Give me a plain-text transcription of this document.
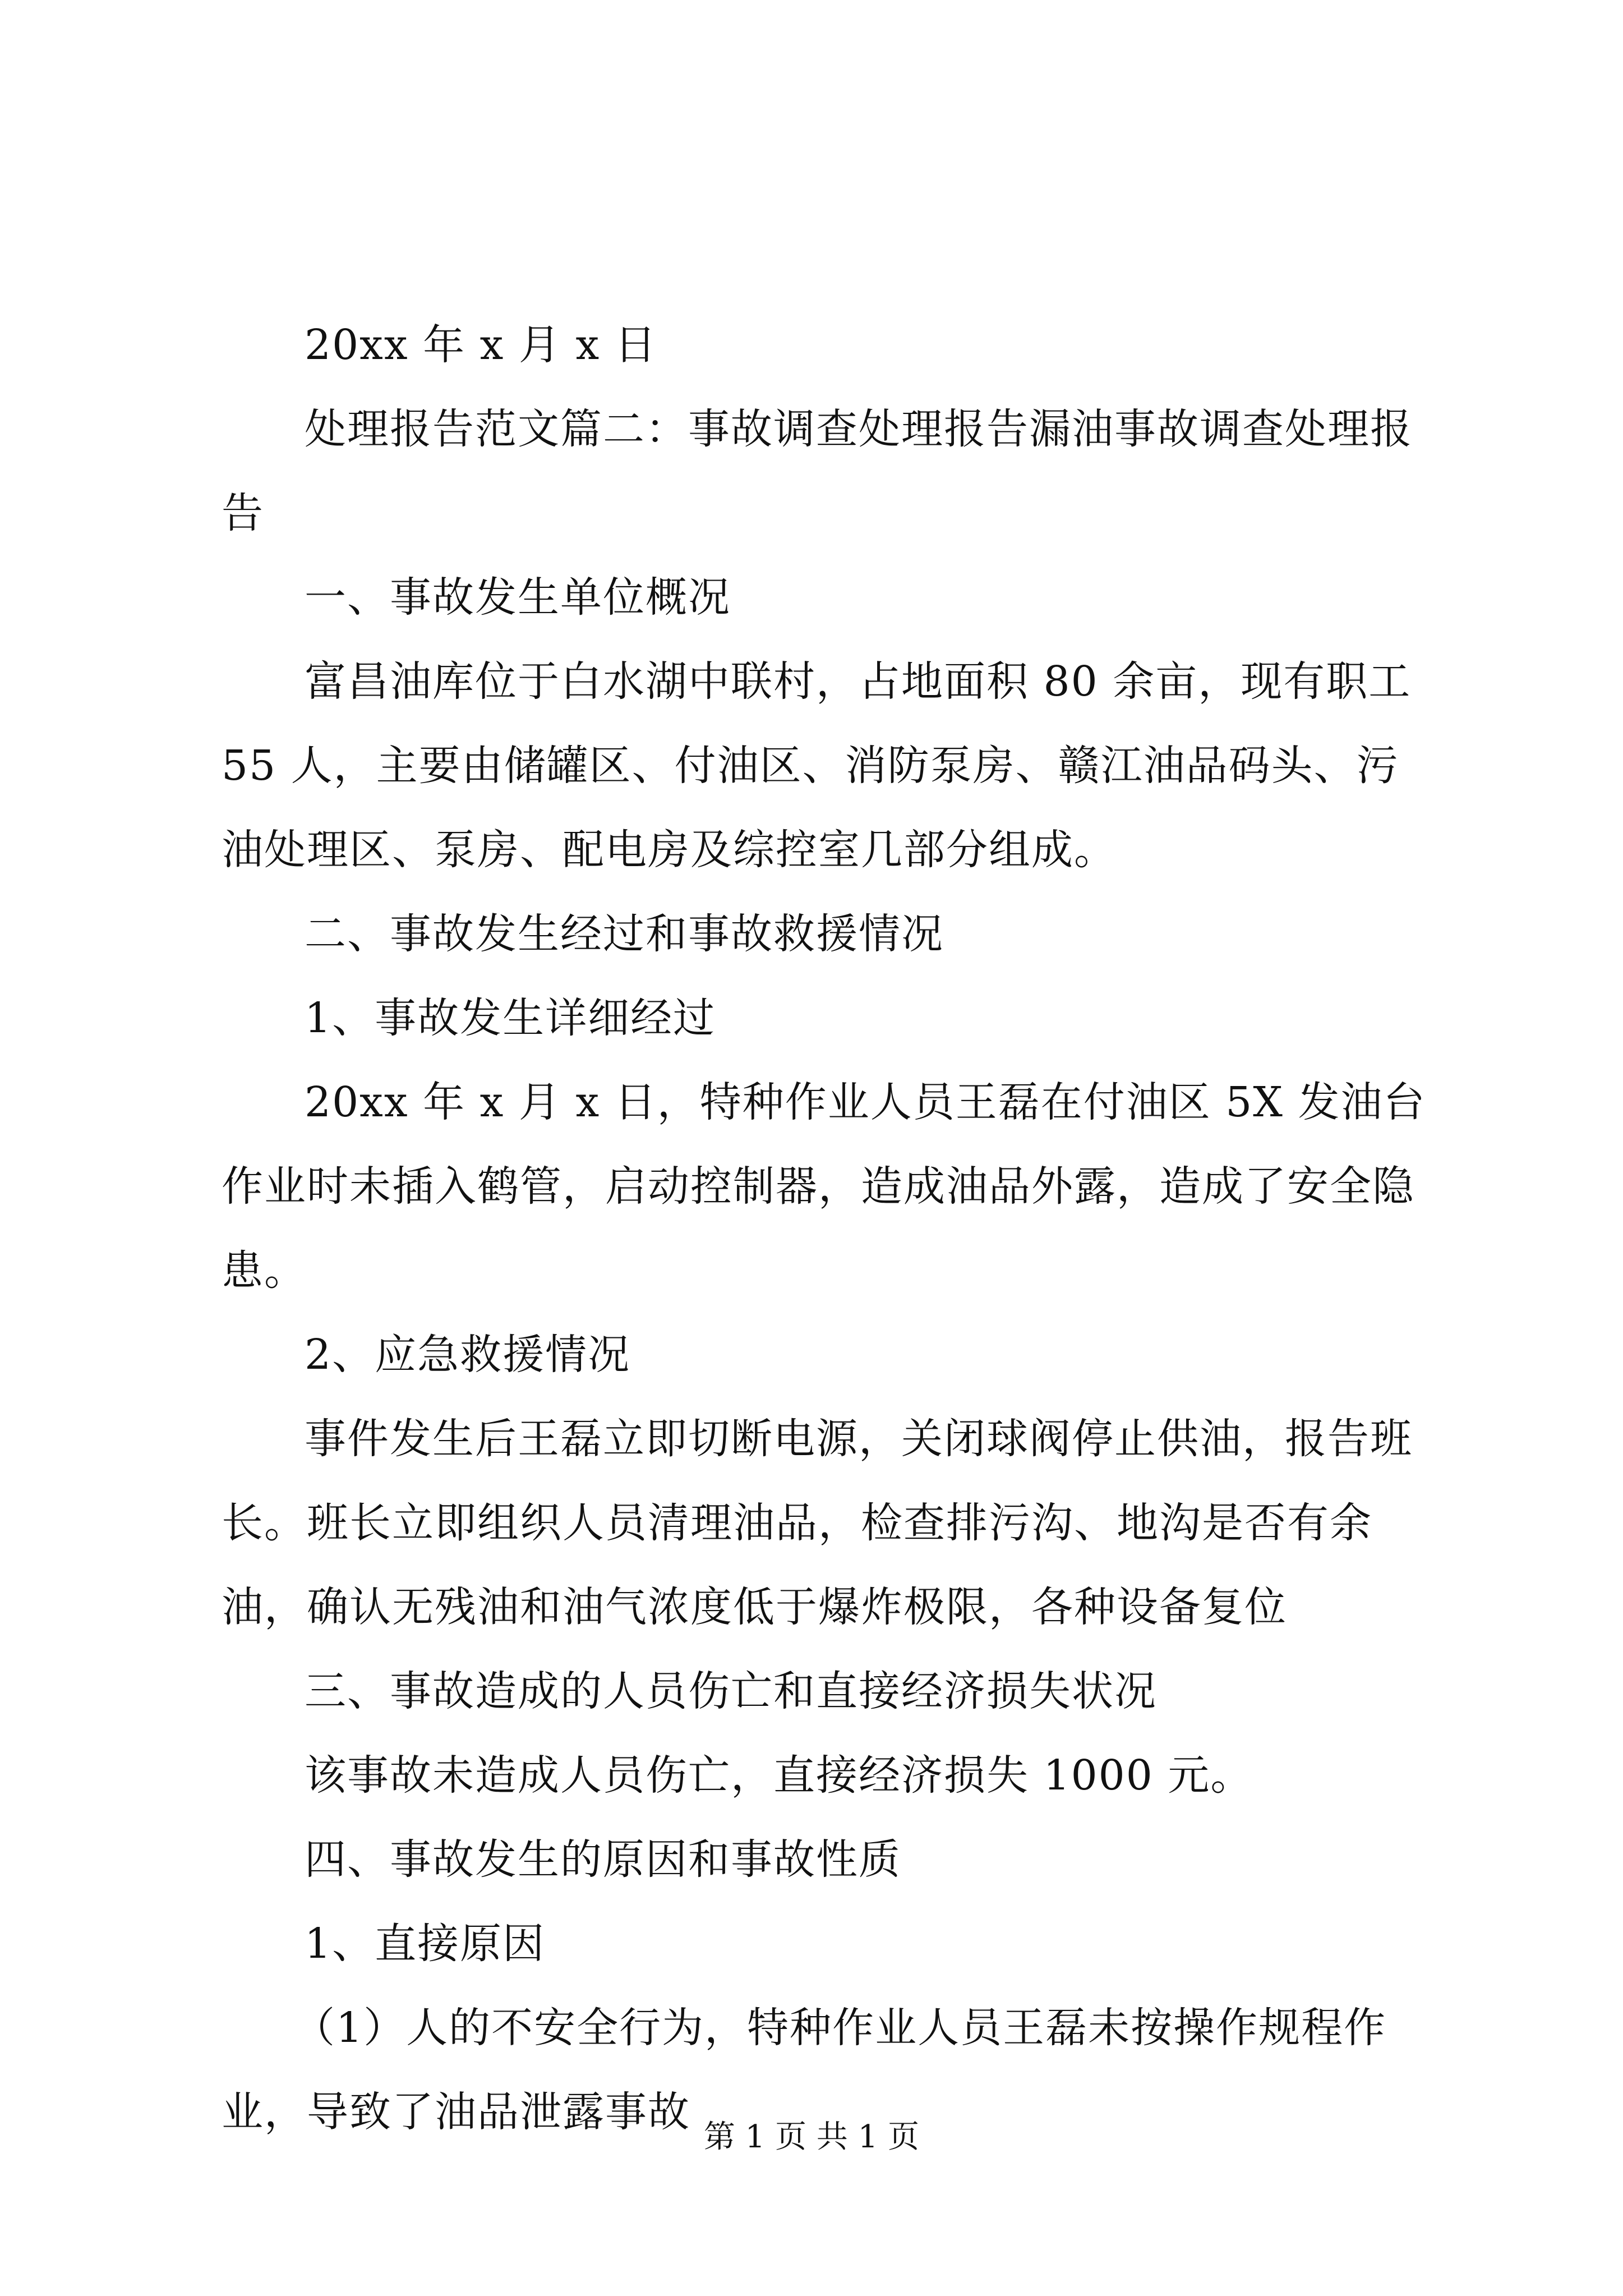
20xx 年 x 月 x 日

处理报告范文篇二：事故调查处理报告漏油事故调查处理报告

一、事故发生单位概况

富昌油库位于白水湖中联村，占地面积 80 余亩，现有职工 55 人，主要由储罐区、付油区、消防泵房、赣江油品码头、污油处理区、泵房、配电房及综控室几部分组成。

二、事故发生经过和事故救援情况

1、事故发生详细经过

20xx 年 x 月 x 日，特种作业人员王磊在付油区 5X 发油台作业时未插入鹤管，启动控制器，造成油品外露，造成了安全隐患。

2、应急救援情况

事件发生后王磊立即切断电源，关闭球阀停止供油，报告班长。班长立即组织人员清理油品，检查排污沟、地沟是否有余油，确认无残油和油气浓度低于爆炸极限，各种设备复位

三、事故造成的人员伤亡和直接经济损失状况

该事故未造成人员伤亡，直接经济损失 1000 元。

四、事故发生的原因和事故性质

1、直接原因

（1）人的不安全行为，特种作业人员王磊未按操作规程作业，导致了油品泄露事故

第 1 页 共 1 页
